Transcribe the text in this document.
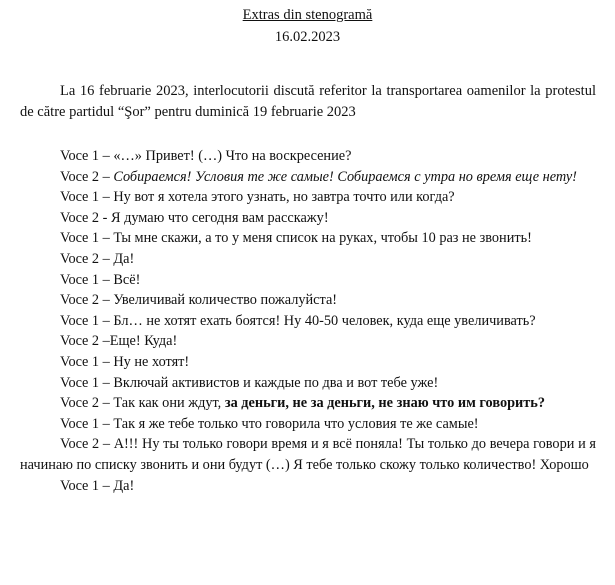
Extras din stenogramă
16.02.2023

La 16 februarie 2023, interlocutorii discută referitor la transportarea oamenilor la protestul de către partidul “Şor” pentru duminică 19 februarie 2023

Voce 1 – «…» Привет! (…) Что на воскресение?

Voce 2 – Собираемся! Условия те же самые! Собираемся с утра но время еще нету!

Voce 1 – Ну вот я хотела этого узнать, но завтра точто или когда?

Voce 2 - Я думаю что сегодня вам расскажу!

Voce 1 – Ты мне скажи, а то у меня список на руках, чтобы 10 раз не звонить!

Voce 2 – Да!

Voce 1 – Всё!

Voce 2 – Увеличивай количество пожалуйста!

Voce 1 – Бл… не хотят ехать боятся! Ну 40-50 человек, куда еще увеличивать?

Voce 2 –Еще! Куда!

Voce 1 – Ну не хотят!

Voce 1 – Включай активистов и каждые по два и вот тебе уже!

Voce 2 – Так как они ждут, за деньги, не за деньги, не знаю что им говорить?

Voce 1 – Так я же тебе только что говорила что условия те же самые!

Voce 2 – А!!! Ну ты только говори время и я всё поняла! Ты только до вечера говори и я начинаю по списку звонить и они будут (…) Я тебе только скожу только количество! Хорошо

Voce 1 – Да!
